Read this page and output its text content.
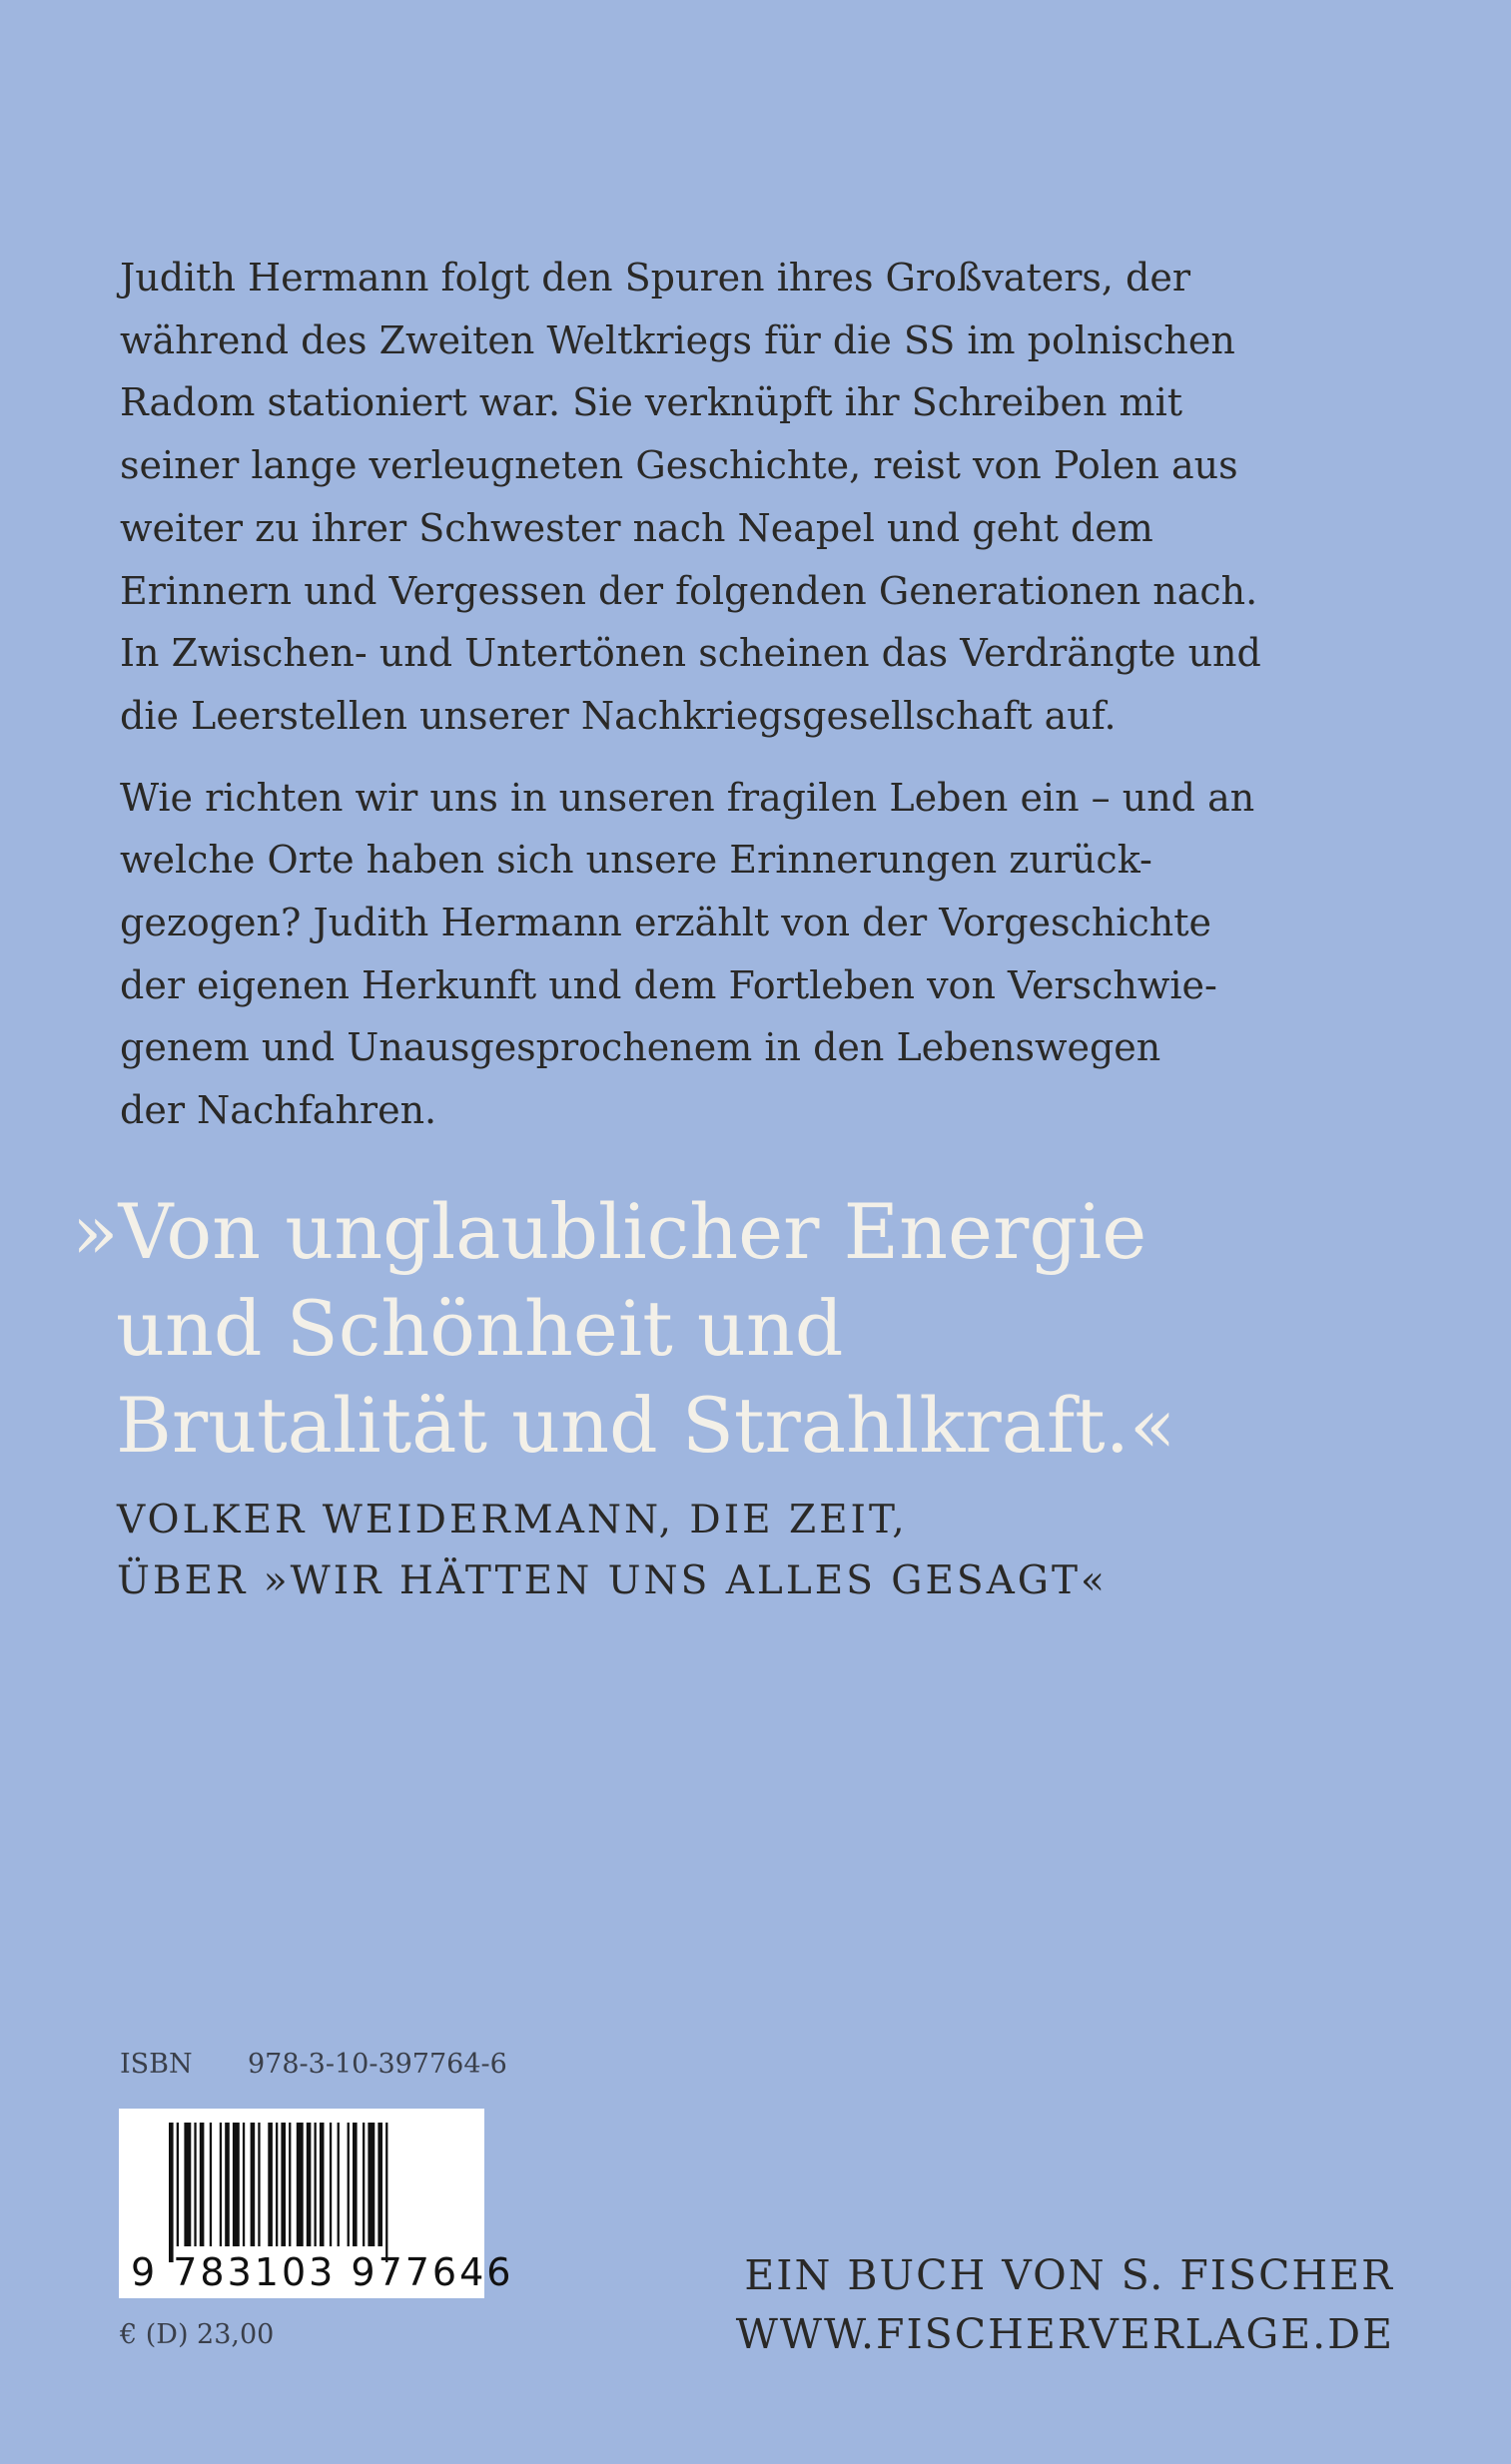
Judith Hermann folgt den Spuren ihres Großvaters, der
während des Zweiten Weltkriegs für die SS im polnischen
Radom stationiert war. Sie verknüpft ihr Schreiben mit
seiner lange verleugneten Geschichte, reist von Polen aus
weiter zu ihrer Schwester nach Neapel und geht dem
Erinnern und Vergessen der folgenden Generationen nach.
In Zwischen- und Untertönen scheinen das Verdrängte und
die Leerstellen unserer Nachkriegsgesellschaft auf.

Wie richten wir uns in unseren fragilen Leben ein – und an
welche Orte haben sich unsere Erinnerungen zurück-
gezogen? Judith Hermann erzählt von der Vorgeschichte
der eigenen Herkunft und dem Fortleben von Verschwie-
genem und Unausgesprochenem in den Lebenswegen
der Nachfahren.

»Von unglaublicher Energie
und Schönheit und
Brutalität und Strahlkraft.«
VOLKER WEIDERMANN, DIE ZEIT,
ÜBER »WIR HÄTTEN UNS ALLES GESAGT«
ISBN 978-3-10-397764-6
9 783103 977646
€ (D) 23,00
EIN BUCH VON S. FISCHER
WWW.FISCHERVERLAGE.DE
